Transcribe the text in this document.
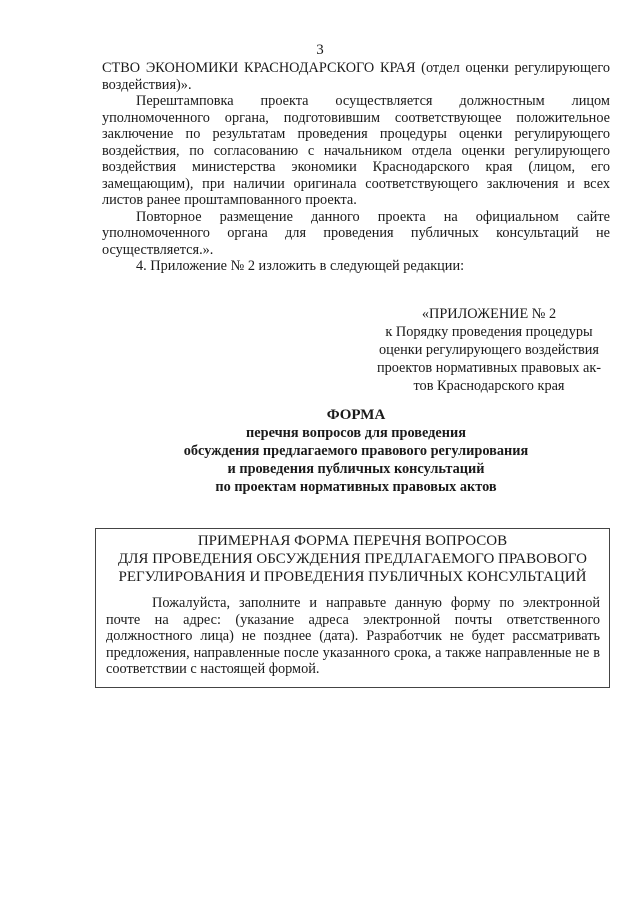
3

СТВО ЭКОНОМИКИ КРАСНОДАРСКОГО КРАЯ (отдел оценки регулирующего воздействия)».

Перештамповка проекта осуществляется должностным лицом уполномоченного органа, подготовившим соответствующее положительное заключение по результатам проведения процедуры оценки регулирующего воздействия, по согласованию с начальником отдела оценки регулирующего воздействия министерства экономики Краснодарского края (лицом, его замещающим), при наличии оригинала соответствующего заключения и всех листов ранее проштампованного проекта.

Повторное размещение данного проекта на официальном сайте уполномоченного органа для проведения публичных консультаций не осуществляется.».

4. Приложение № 2 изложить в следующей редакции:

«ПРИЛОЖЕНИЕ № 2
к Порядку проведения процедуры
оценки регулирующего воздействия
проектов нормативных правовых ак-
тов Краснодарского края
ФОРМА
перечня вопросов для проведения
обсуждения предлагаемого правового регулирования
и проведения публичных консультаций
по проектам нормативных правовых актов
ПРИМЕРНАЯ ФОРМА ПЕРЕЧНЯ ВОПРОСОВ
ДЛЯ ПРОВЕДЕНИЯ ОБСУЖДЕНИЯ ПРЕДЛАГАЕМОГО ПРАВОВОГО
РЕГУЛИРОВАНИЯ И ПРОВЕДЕНИЯ ПУБЛИЧНЫХ КОНСУЛЬТАЦИЙ

Пожалуйста, заполните и направьте данную форму по электронной почте на адрес: (указание адреса электронной почты ответственного должностного лица) не позднее (дата). Разработчик не будет рассматривать предложения, направленные после указанного срока, а также направленные не в соответствии с настоящей формой.
